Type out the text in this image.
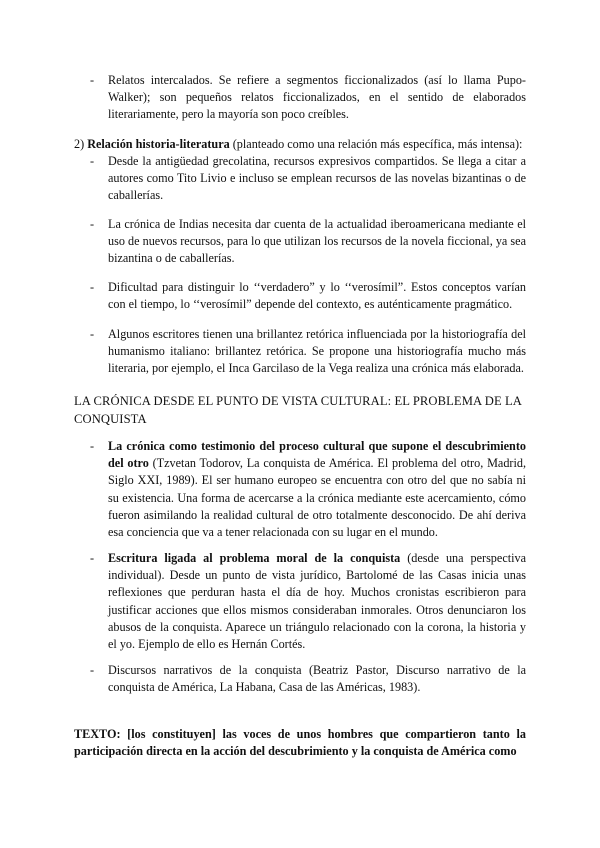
- Relatos intercalados. Se refiere a segmentos ficcionalizados (así lo llama Pupo-Walker); son pequeños relatos ficcionalizados, en el sentido de elaborados literariamente, pero la mayoría son poco creíbles.
2) Relación historia-literatura (planteado como una relación más específica, más intensa):
- Desde la antigüedad grecolatina, recursos expresivos compartidos. Se llega a citar a autores como Tito Livio e incluso se emplean recursos de las novelas bizantinas o de caballerías.
- La crónica de Indias necesita dar cuenta de la actualidad iberoamericana mediante el uso de nuevos recursos, para lo que utilizan los recursos de la novela ficcional, ya sea bizantina o de caballerías.
- Dificultad para distinguir lo ‘‘verdadero” y lo ‘‘verosímil”. Estos conceptos varían con el tiempo, lo ‘‘verosímil” depende del contexto, es auténticamente pragmático.
- Algunos escritores tienen una brillantez retórica influenciada por la historiografía del humanismo italiano: brillantez retórica. Se propone una historiografía mucho más literaria, por ejemplo, el Inca Garcilaso de la Vega realiza una crónica más elaborada.
LA CRÓNICA DESDE EL PUNTO DE VISTA CULTURAL: EL PROBLEMA DE LA CONQUISTA
- La crónica como testimonio del proceso cultural que supone el descubrimiento del otro (Tzvetan Todorov, La conquista de América. El problema del otro, Madrid, Siglo XXI, 1989). El ser humano europeo se encuentra con otro del que no sabía ni su existencia. Una forma de acercarse a la crónica mediante este acercamiento, cómo fueron asimilando la realidad cultural de otro totalmente desconocido. De ahí deriva esa conciencia que va a tener relacionada con su lugar en el mundo.
- Escritura ligada al problema moral de la conquista (desde una perspectiva individual). Desde un punto de vista jurídico, Bartolomé de las Casas inicia unas reflexiones que perduran hasta el día de hoy. Muchos cronistas escribieron para justificar acciones que ellos mismos consideraban inmorales. Otros denunciaron los abusos de la conquista. Aparece un triángulo relacionado con la corona, la historia y el yo. Ejemplo de ello es Hernán Cortés.
- Discursos narrativos de la conquista (Beatriz Pastor, Discurso narrativo de la conquista de América, La Habana, Casa de las Américas, 1983).
TEXTO: [los constituyen] las voces de unos hombres que compartieron tanto la participación directa en la acción del descubrimiento y la conquista de América como
